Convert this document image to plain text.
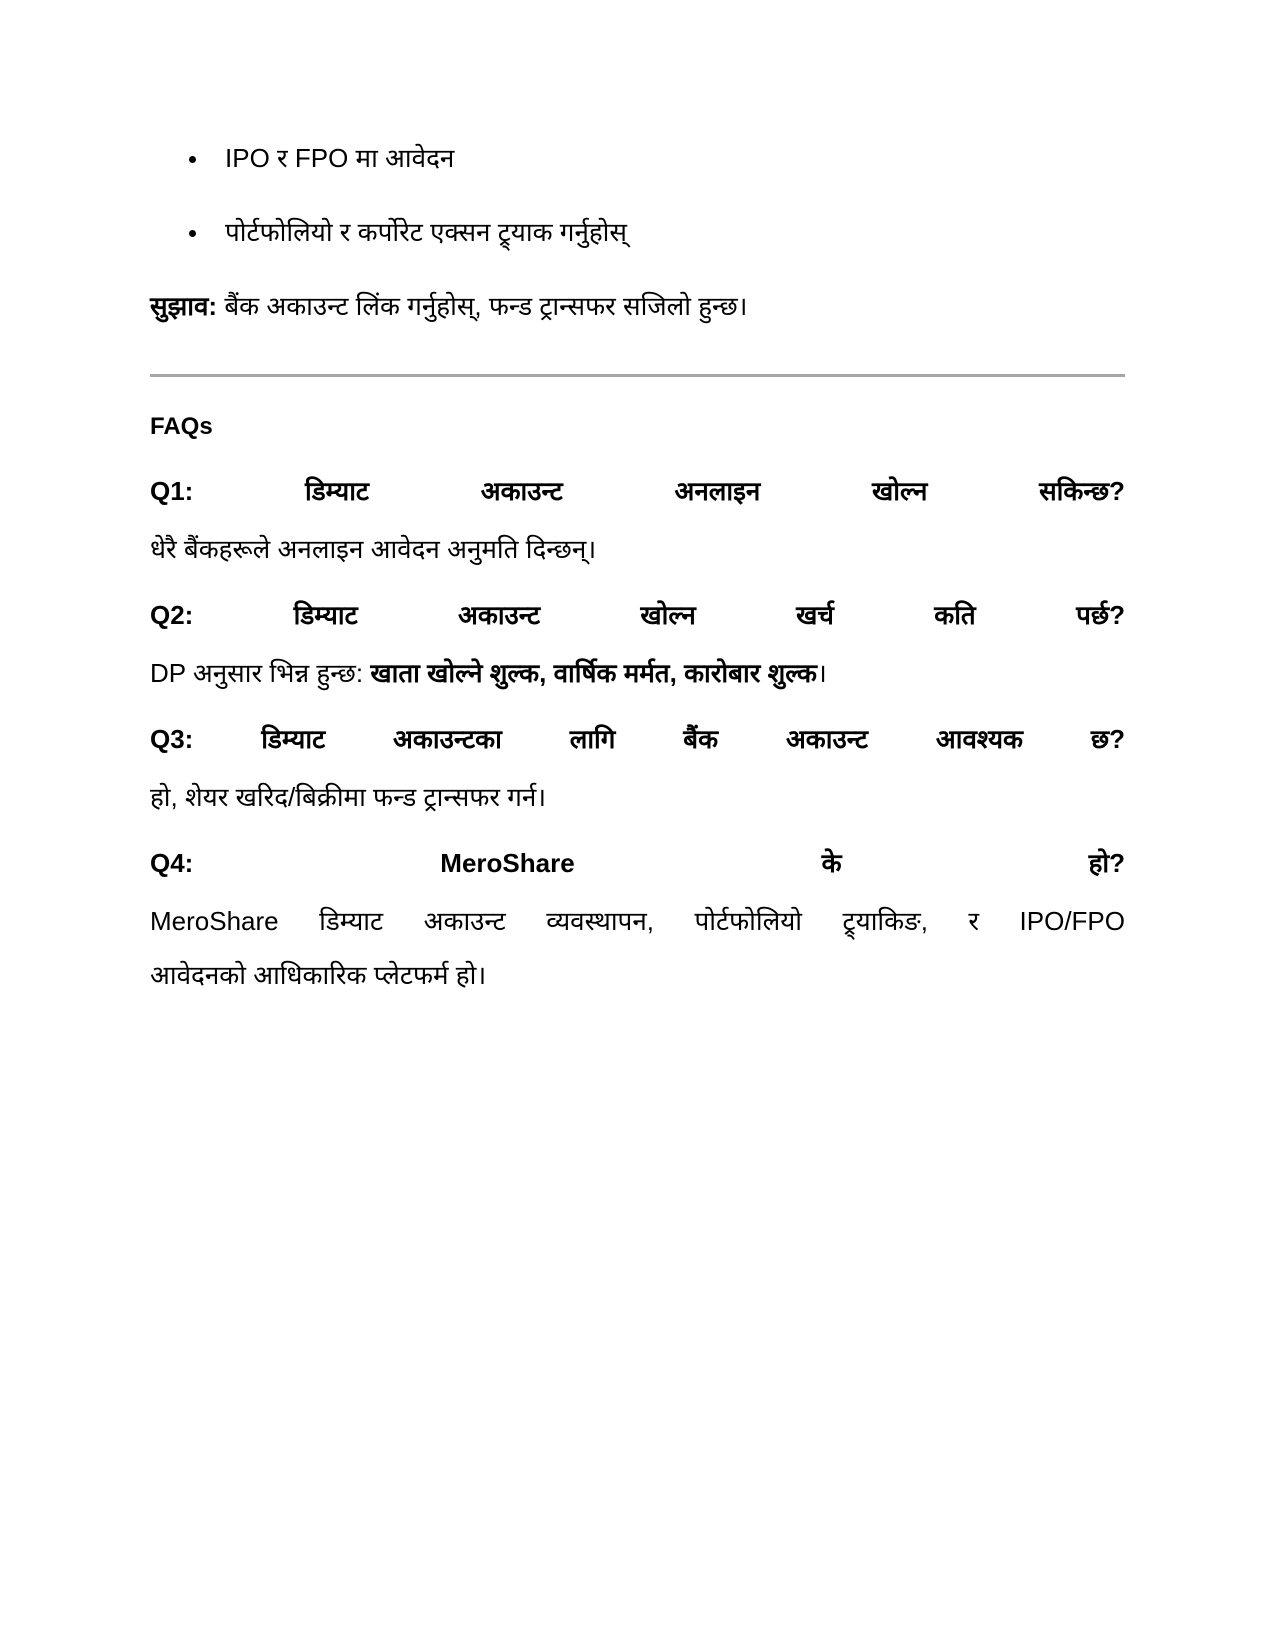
IPO र FPO मा आवेदन
पोर्टफोलियो र कर्पोरेट एक्सन ट्र्याक गर्नुहोस्

सुझाव: बैंक अकाउन्ट लिंक गर्नुहोस्, फन्ड ट्रान्सफर सजिलो हुन्छ।

FAQs
Q1:	डिम्याट	अकाउन्ट	अनलाइन	खोल्न	सकिन्छ?
धेरै बैंकहरूले अनलाइन आवेदन अनुमति दिन्छन्।
Q2:	डिम्याट	अकाउन्ट	खोल्न	खर्च	कति	पर्छ?
DP अनुसार भिन्न हुन्छ: खाता खोल्ने शुल्क, वार्षिक मर्मत, कारोबार शुल्क।
Q3:	डिम्याट	अकाउन्टका	लागि	बैंक	अकाउन्ट	आवश्यक	छ?
हो, शेयर खरिद/बिक्रीमा फन्ड ट्रान्सफर गर्न।
Q4:	MeroShare	के	हो?
MeroShare डिम्याट अकाउन्ट व्यवस्थापन, पोर्टफोलियो ट्र्याकिङ, र IPO/FPO
आवेदनको आधिकारिक प्लेटफर्म हो।
